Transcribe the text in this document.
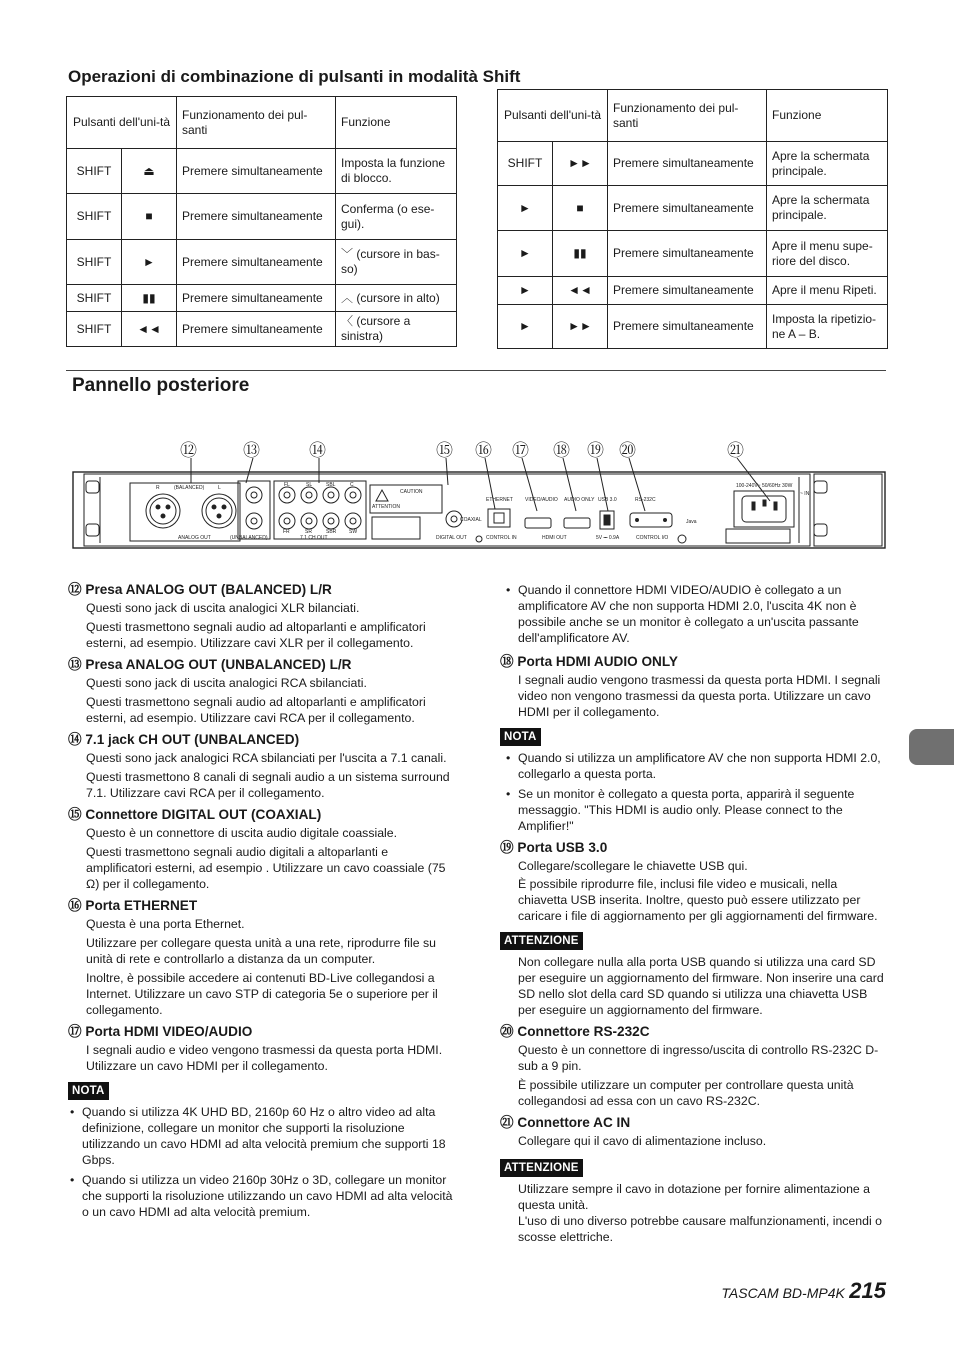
Operazioni di combinazione di pulsanti in modalità Shift
Pulsanti dell'uni-tà		Funzionamento dei pul-santi	Funzione
SHIFT	⏏	Premere simultaneamente	Imposta la funzione di blocco.
SHIFT	■	Premere simultaneamente	Conferma (o ese-gui).
SHIFT	►	Premere simultaneamente	﹀ (cursore in bas-so)
SHIFT	▮▮	Premere simultaneamente	︿ (cursore in alto)
SHIFT	◄◄	Premere simultaneamente	〈 (cursore a sinistra)
Pulsanti dell'uni-tà		Funzionamento dei pul-santi	Funzione
SHIFT	►►	Premere simultaneamente	Apre la schermata principale.
►	■	Premere simultaneamente	Apre la schermata principale.
►	▮▮	Premere simultaneamente	Apre il menu supe-riore del disco.
►	◄◄	Premere simultaneamente	Apre il menu Ripeti.
►	►►	Premere simultaneamente	Imposta la ripetizio-ne A – B.
Pannello posteriore
⑫	⑬	⑭	⑮ ⑯ ⑰ ⑱ ⑲ ⑳	㉑
R	(BALANCED)	L
ANALOG OUT	(UNBALANCED)	7.1 CH OUT
FL	SL	SBL	C
FR	SR	SBR	SW
CAUTION
ATTENTION
COAXIAL
DIGITAL OUT
ETHERNET
CONTROL IN
VIDEO/AUDIO AUDIO ONLY
HDMI OUT
USB 3.0
5V ⎓ 0.9A
RS-232C
CONTROL I/O
Java
100-240V~ 50/60Hz 30W
~ IN

⑫ Presa ANALOG OUT (BALANCED) L/R

Questi sono jack di uscita analogici XLR bilanciati.

Questi trasmettono segnali audio ad altoparlanti e amplificatori esterni, ad esempio. Utilizzare cavi XLR per il collegamento.

⑬ Presa ANALOG OUT (UNBALANCED) L/R

Questi sono jack di uscita analogici RCA sbilanciati.

Questi trasmettono segnali audio ad altoparlanti e amplificatori esterni, ad esempio. Utilizzare cavi RCA per il collegamento.

⑭ 7.1 jack CH OUT (UNBALANCED)

Questi sono jack analogici RCA sbilanciati per l'uscita a 7.1 canali.

Questi trasmettono 8 canali di segnali audio a un sistema surround 7.1. Utilizzare cavi RCA per il collegamento.

⑮ Connettore DIGITAL OUT (COAXIAL)

Questo è un connettore di uscita audio digitale coassiale.

Questi trasmettono segnali audio digitali a altoparlanti e amplificatori esterni, ad esempio . Utilizzare un cavo coassiale (75 Ω) per il collegamento.

⑯ Porta ETHERNET

Questa è una porta Ethernet.

Utilizzare per collegare questa unità a una rete, riprodurre file su unità di rete e controllarlo a distanza da un computer.

Inoltre, è possibile accedere ai contenuti BD-Live collegandosi a Internet. Utilizzare un cavo STP di categoria 5e o superiore per il collegamento.

⑰ Porta HDMI VIDEO/AUDIO

I segnali audio e video vengono trasmessi da questa porta HDMI. Utilizzare un cavo HDMI per il collegamento.

NOTA

• Quando si utilizza 4K UHD BD, 2160p 60 Hz o altro video ad alta definizione, collegare un monitor che supporti la risoluzione utilizzando un cavo HDMI ad alta velocità premium che supporti 18 Gbps.

• Quando si utilizza un video 2160p 30Hz o 3D, collegare un monitor che supporti la risoluzione utilizzando un cavo HDMI ad alta velocità o un cavo HDMI ad alta velocità premium.

• Quando il connettore HDMI VIDEO/AUDIO è collegato a un amplificatore AV che non supporta HDMI 2.0, l'uscita 4K non è possibile anche se un monitor è collegato a un'uscita passante dell'amplificatore AV.

⑱ Porta HDMI AUDIO ONLY

I segnali audio vengono trasmessi da questa porta HDMI. I segnali video non vengono trasmessi da questa porta. Utilizzare un cavo HDMI per il collegamento.

NOTA

• Quando si utilizza un amplificatore AV che non supporta HDMI 2.0, collegarlo a questa porta.

• Se un monitor è collegato a questa porta, apparirà il seguente messaggio. "This HDMI is audio only. Please connect to the Amplifier!"

⑲ Porta USB 3.0

Collegare/scollegare le chiavette USB qui.

È possibile riprodurre file, inclusi file video e musicali, nella chiavetta USB inserita. Inoltre, questo può essere utilizzato per caricare i file di aggiornamento per gli aggiornamenti del firmware.

ATTENZIONE

Non collegare nulla alla porta USB quando si utilizza una card SD per eseguire un aggiornamento del firmware. Non inserire una card SD nello slot della card SD quando si utilizza una chiavetta USB per eseguire un aggiornamento del firmware.

⑳ Connettore RS-232C

Questo è un connettore di ingresso/uscita di controllo RS-232C D-sub a 9 pin.

È possibile utilizzare un computer per controllare questa unità collegandosi ad essa con un cavo RS-232C.

㉑ Connettore AC IN

Collegare qui il cavo di alimentazione incluso.

ATTENZIONE

Utilizzare sempre il cavo in dotazione per fornire alimentazione a questa unità.

L'uso di uno diverso potrebbe causare malfunzionamenti, incendi o scosse elettriche.

TASCAM BD-MP4K 215
